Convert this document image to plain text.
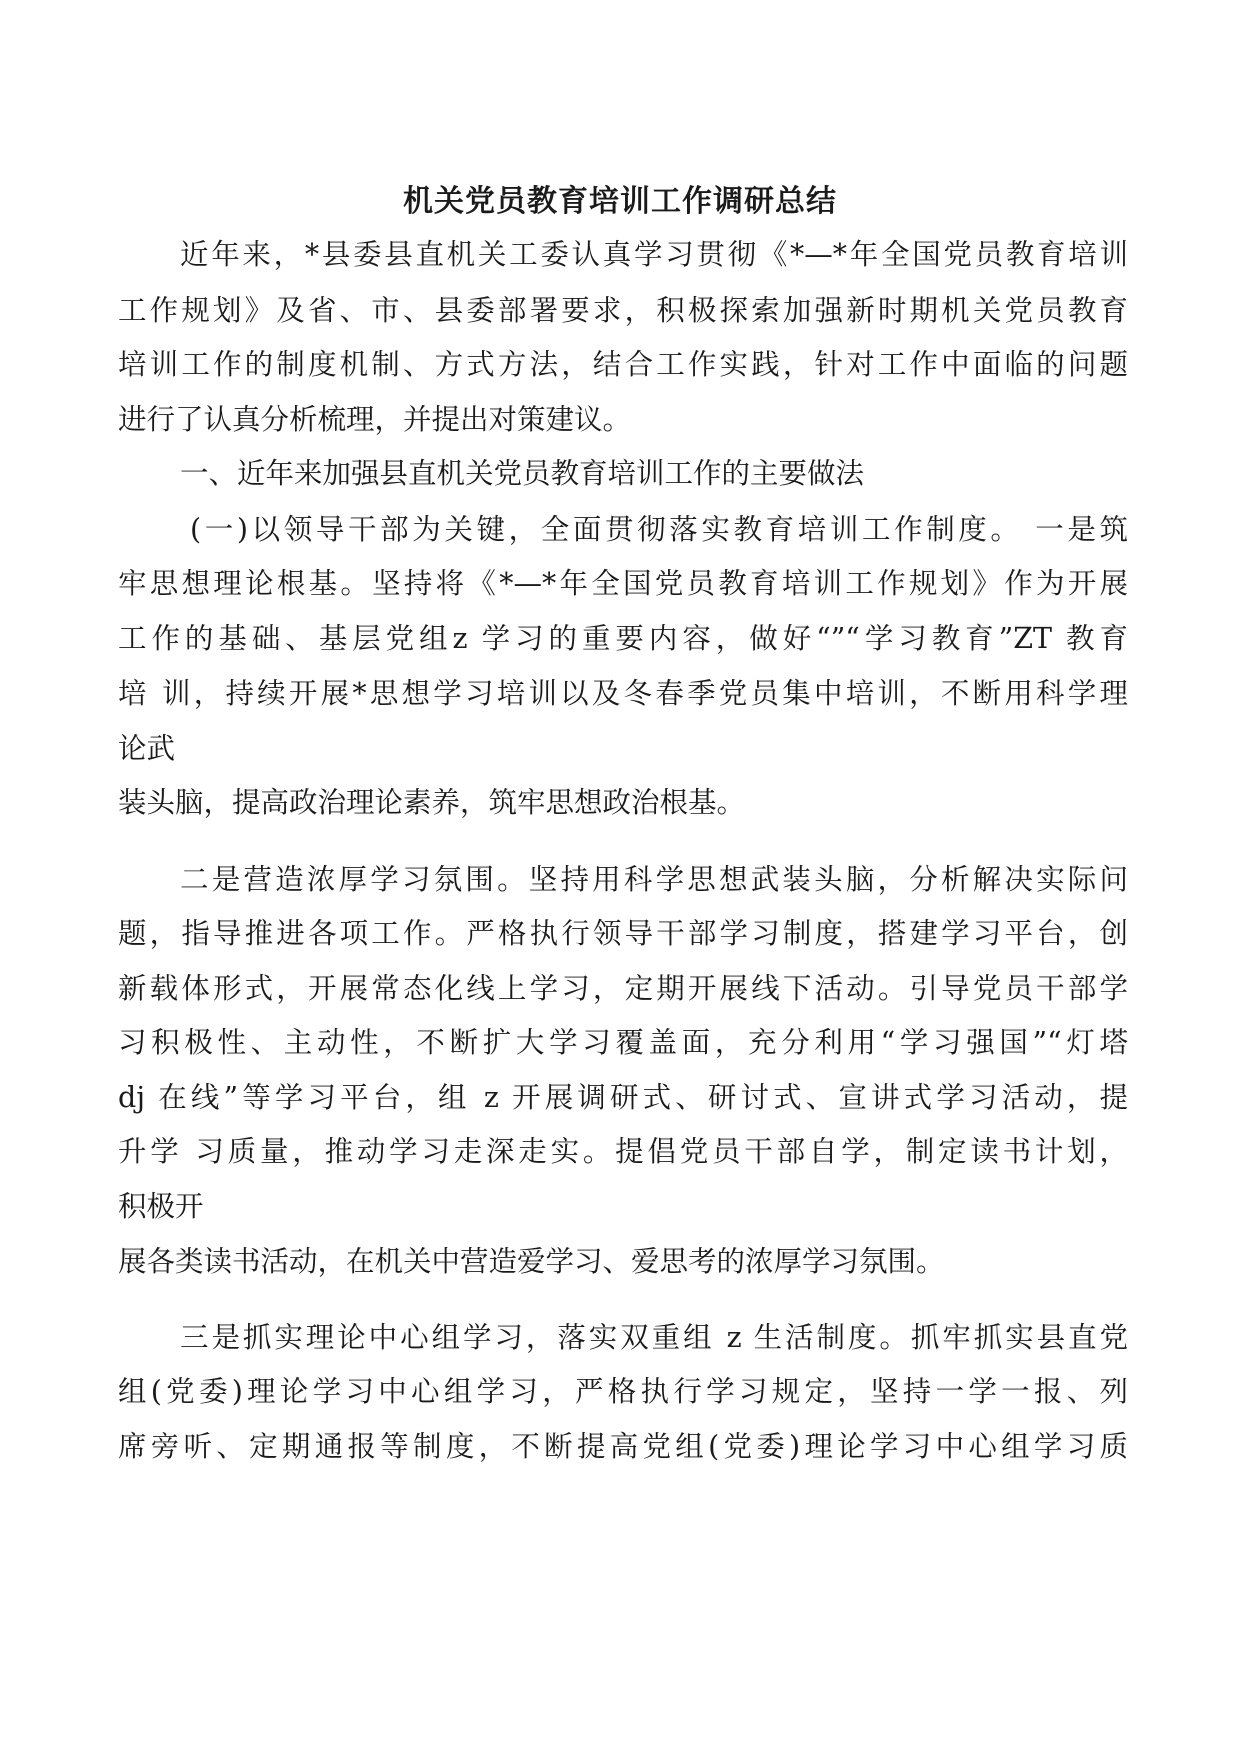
机关党员教育培训工作调研总结
近年来，*县委县直机关工委认真学习贯彻《*—*年全国党员教育培训
工作规划》及省、市、县委部署要求，积极探索加强新时期机关党员教育
培训工作的制度机制、方式方法，结合工作实践，针对工作中面临的问题
进行了认真分析梳理，并提出对策建议。
一、近年来加强县直机关党员教育培训工作的主要做法
(一)以领导干部为关键，全面贯彻落实教育培训工作制度。 一是筑
牢思想理论根基。坚持将《*—*年全国党员教育培训工作规划》作为开展
工作的基础、基层党组z 学习的重要内容，做好“”“学习教育”ZT 教育
培 训，持续开展*思想学习培训以及冬春季党员集中培训，不断用科学理
论武
装头脑，提高政治理论素养，筑牢思想政治根基。
二是营造浓厚学习氛围。坚持用科学思想武装头脑，分析解决实际问
题，指导推进各项工作。严格执行领导干部学习制度，搭建学习平台，创
新载体形式，开展常态化线上学习，定期开展线下活动。引导党员干部学
习积极性、主动性，不断扩大学习覆盖面，充分利用“学习强国”“灯塔
dj 在线”等学习平台，组 z 开展调研式、研讨式、宣讲式学习活动，提
升学 习质量，推动学习走深走实。提倡党员干部自学，制定读书计划，
积极开
展各类读书活动，在机关中营造爱学习、爱思考的浓厚学习氛围。
三是抓实理论中心组学习，落实双重组 z 生活制度。抓牢抓实县直党
组(党委)理论学习中心组学习，严格执行学习规定，坚持一学一报、列
席旁听、定期通报等制度，不断提高党组(党委)理论学习中心组学习质
